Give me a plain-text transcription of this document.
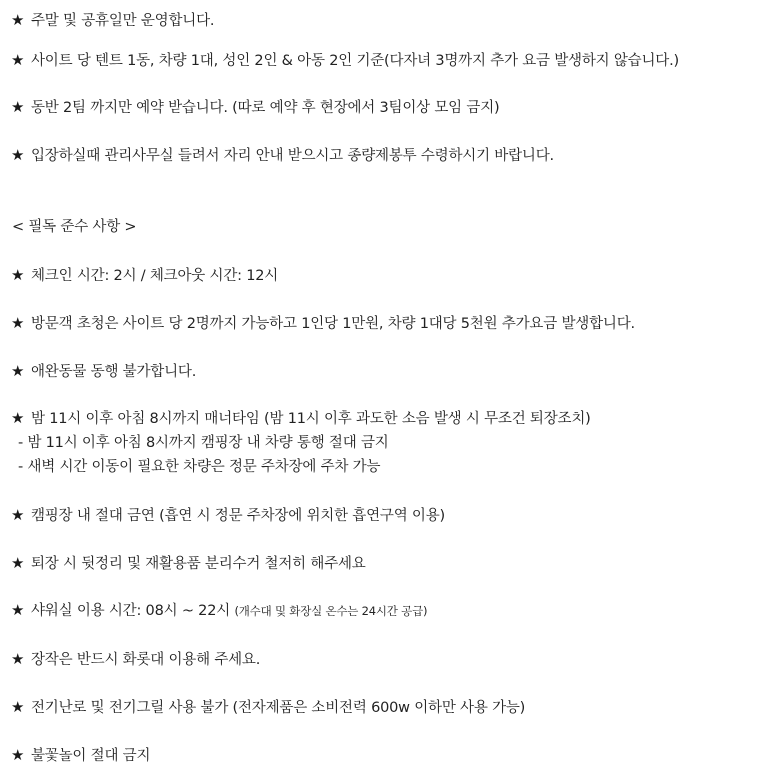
★ 주말 및 공휴일만 운영합니다.
★ 사이트 당 텐트 1동, 차량 1대, 성인 2인 & 아동 2인 기준(다자녀 3명까지 추가 요금 발생하지 않습니다.)
★ 동반 2팀 까지만 예약 받습니다. (따로 예약 후 현장에서 3팀이상 모임 금지)
★ 입장하실때 관리사무실 들려서 자리 안내 받으시고 종량제봉투 수령하시기 바랍니다.
< 필독 준수 사항 >
★ 체크인 시간: 2시 / 체크아웃 시간: 12시
★ 방문객 초청은 사이트 당 2명까지 가능하고 1인당 1만원, 차량 1대당 5천원 추가요금 발생합니다.
★ 애완동물 동행 불가합니다.
★ 밤 11시 이후 아침 8시까지 매너타임 (밤 11시 이후 과도한 소음 발생 시 무조건 퇴장조치)
- 밤 11시 이후 아침 8시까지 캠핑장 내 차량 통행 절대 금지
- 새벽 시간 이동이 필요한 차량은 정문 주차장에 주차 가능
★ 캠핑장 내 절대 금연 (흡연 시 정문 주차장에 위치한 흡연구역 이용)
★ 퇴장 시 뒷정리 및 재활용품 분리수거 철저히 해주세요
★ 샤워실 이용 시간: 08시 ~ 22시 (개수대 및 화장실 온수는 24시간 공급)
★ 장작은 반드시 화롯대 이용해 주세요.
★ 전기난로 및 전기그릴 사용 불가 (전자제품은 소비전력 600w 이하만 사용 가능)
★ 불꽃놀이 절대 금지
